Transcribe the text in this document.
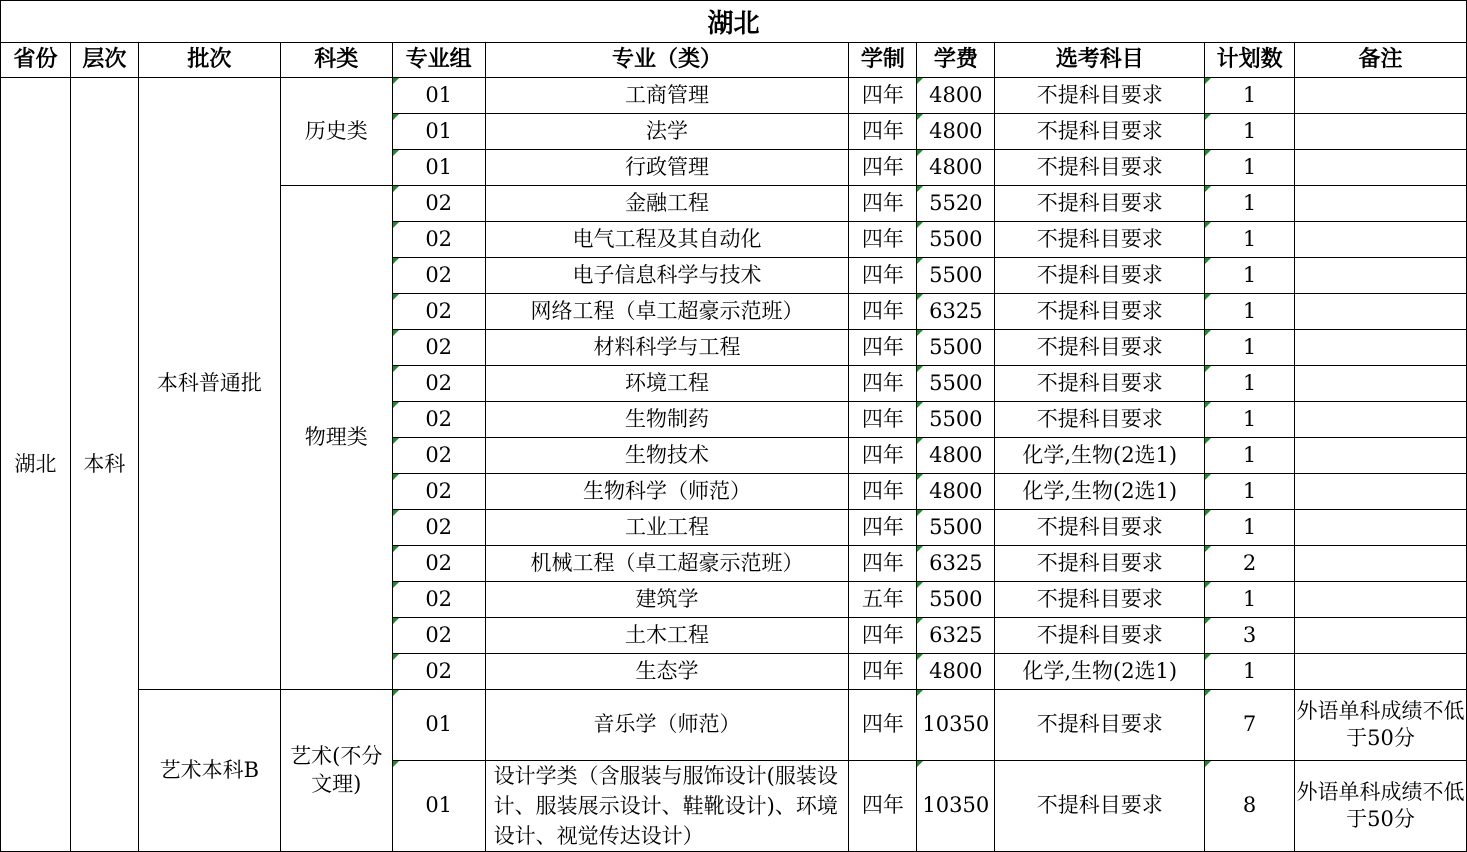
湖北
省份	层次	批次	科类	专业组	专业（类）	学制	学费	选考科目	计划数	备注
湖北	本科	本科普通批	历史类	01	工商管理	四年	4800	不提科目要求	1	
				01	法学	四年	4800	不提科目要求	1	
				01	行政管理	四年	4800	不提科目要求	1	
			物理类	02	金融工程	四年	5520	不提科目要求	1	
				02	电气工程及其自动化	四年	5500	不提科目要求	1	
				02	电子信息科学与技术	四年	5500	不提科目要求	1	
				02	网络工程（卓工超豪示范班）	四年	6325	不提科目要求	1	
				02	材料科学与工程	四年	5500	不提科目要求	1	
				02	环境工程	四年	5500	不提科目要求	1	
				02	生物制药	四年	5500	不提科目要求	1	
				02	生物技术	四年	4800	化学,生物(2选1)	1	
				02	生物科学（师范）	四年	4800	化学,生物(2选1)	1	
				02	工业工程	四年	5500	不提科目要求	1	
				02	机械工程（卓工超豪示范班）	四年	6325	不提科目要求	2	
				02	建筑学	五年	5500	不提科目要求	1	
				02	土木工程	四年	6325	不提科目要求	3	
				02	生态学	四年	4800	化学,生物(2选1)	1	
		艺术本科B	艺术(不分文理)	01	音乐学（师范）	四年	10350	不提科目要求	7	外语单科成绩不低于50分
				01	设计学类（含服装与服饰设计(服装设计、服装展示设计、鞋靴设计)、环境设计、视觉传达设计）	四年	10350	不提科目要求	8	外语单科成绩不低于50分
